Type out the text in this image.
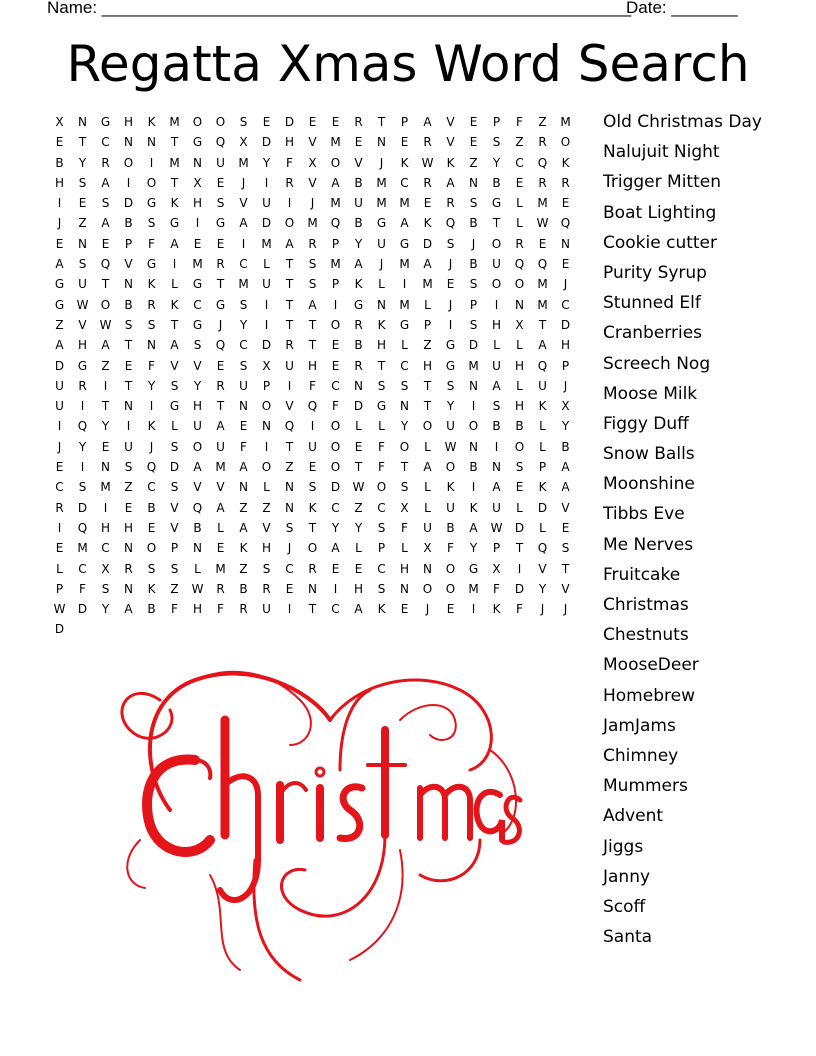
Name: ________________________________________________________
Date: _______
Regatta Xmas Word Search
X	N	G	H	K	M	O	O	S	E	D	E	E	R	T	P	A	V	E	P	F	Z	M
E	T	C	N	N	T	G	Q	X	D	H	V	M	E	N	E	R	V	E	S	Z	R	O
B	Y	R	O	I	M	N	U	M	Y	F	X	O	V	J	K	W	K	Z	Y	C	Q	K
H	S	A	I	O	T	X	E	J	I	R	V	A	B	M	C	R	A	N	B	E	R	R
I	E	S	D	G	K	H	S	V	U	I	J	M	U	M	M	E	R	S	G	L	M	E
J	Z	A	B	S	G	I	G	A	D	O	M	Q	B	G	A	K	Q	B	T	L	W	Q
E	N	E	P	F	A	E	E	I	M	A	R	P	Y	U	G	D	S	J	O	R	E	N
A	S	Q	V	G	I	M	R	C	L	T	S	M	A	J	M	A	J	B	U	Q	Q	E
G	U	T	N	K	L	G	T	M	U	T	S	P	K	L	I	M	E	S	O	O	M	J
G	W	O	B	R	K	C	G	S	I	T	A	I	G	N	M	L	J	P	I	N	M	C
Z	V	W	S	S	T	G	J	Y	I	T	T	O	R	K	G	P	I	S	H	X	T	D
A	H	A	T	N	A	S	Q	C	D	R	T	E	B	H	L	Z	G	D	L	L	A	H
D	G	Z	E	F	V	V	E	S	X	U	H	E	R	T	C	H	G	M	U	H	Q	P
U	R	I	T	Y	S	Y	R	U	P	I	F	C	N	S	S	T	S	N	A	L	U	J
U	I	T	N	I	G	H	T	N	O	V	Q	F	D	G	N	T	Y	I	S	H	K	X
I	Q	Y	I	K	L	U	A	E	N	Q	I	O	L	L	Y	O	U	O	B	B	L	Y
J	Y	E	U	J	S	O	U	F	I	T	U	O	E	F	O	L	W	N	I	O	L	B
E	I	N	S	Q	D	A	M	A	O	Z	E	O	T	F	T	A	O	B	N	S	P	A
C	S	M	Z	C	S	V	V	N	L	N	S	D	W	O	S	L	K	I	A	E	K	A
R	D	I	E	B	V	Q	A	Z	Z	N	K	C	Z	C	X	L	U	K	U	L	D	V
I	Q	H	H	E	V	B	L	A	V	S	T	Y	Y	S	F	U	B	A	W	D	L	E
E	M	C	N	O	P	N	E	K	H	J	O	A	L	P	L	X	F	Y	P	T	Q	S
L	C	X	R	S	S	L	M	Z	S	C	R	E	E	C	H	N	O	G	X	I	V	T
P	F	S	N	K	Z	W	R	B	R	E	N	I	H	S	N	O	O	M	F	D	Y	V
W	D	Y	A	B	F	H	F	R	U	I	T	C	A	K	E	J	E	I	K	F	J	J
D
Old Christmas Day
Nalujuit Night
Trigger Mitten
Boat Lighting
Cookie cutter
Purity Syrup
Stunned Elf
Cranberries
Screech Nog
Moose Milk
Figgy Duff
Snow Balls
Moonshine
Tibbs Eve
Me Nerves
Fruitcake
Christmas
Chestnuts
MooseDeer
Homebrew
JamJams
Chimney
Mummers
Advent
Jiggs
Janny
Scoff
Santa
